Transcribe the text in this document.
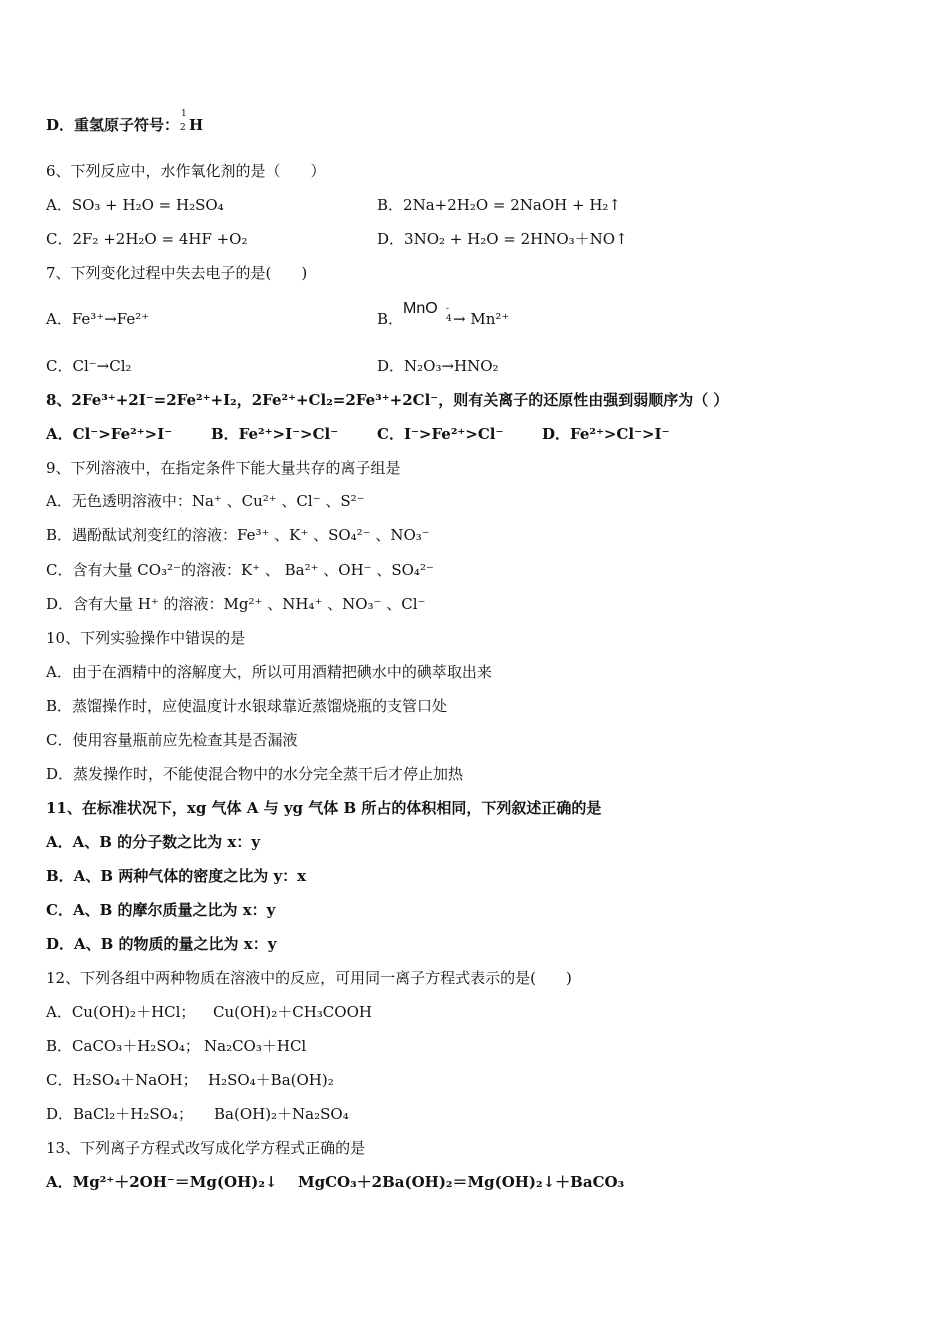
D．重氢原子符号：
1
2 H
6、下列反应中，水作氧化剂的是（　　）
A．SO₃ + H₂O = H₂SO₄	B．2Na+2H₂O = 2NaOH + H₂↑
C．2F₂ +2H₂O = 4HF +O₂	D．3NO₂ + H₂O = 2HNO₃＋NO↑
7、下列变化过程中失去电子的是(　　)
A．Fe³⁺→Fe²⁺	B．
MnO -
4 → Mn²⁺
C．Cl⁻→Cl₂	D．N₂O₃→HNO₂
8、2Fe³⁺+2I⁻=2Fe²⁺+I₂，2Fe²⁺+Cl₂=2Fe³⁺+2Cl⁻，则有关离子的还原性由强到弱顺序为（ ）
A．Cl⁻>Fe²⁺>I⁻	B．Fe²⁺>I⁻>Cl⁻	C．I⁻>Fe²⁺>Cl⁻	D．Fe²⁺>Cl⁻>I⁻
9、下列溶液中，在指定条件下能大量共存的离子组是
A．无色透明溶液中：Na⁺ 、Cu²⁺ 、Cl⁻ 、S²⁻
B．遇酚酞试剂变红的溶液：Fe³⁺ 、K⁺ 、SO₄²⁻ 、NO₃⁻
C．含有大量 CO₃²⁻的溶液：K⁺ 、 Ba²⁺ 、OH⁻ 、SO₄²⁻
D．含有大量 H⁺ 的溶液：Mg²⁺ 、NH₄⁺ 、NO₃⁻ 、Cl⁻
10、下列实验操作中错误的是
A．由于在酒精中的溶解度大，所以可用酒精把碘水中的碘萃取出来
B．蒸馏操作时，应使温度计水银球靠近蒸馏烧瓶的支管口处
C．使用容量瓶前应先检查其是否漏液
D．蒸发操作时，不能使混合物中的水分完全蒸干后才停止加热
11、在标准状况下，xg 气体 A 与 yg 气体 B 所占的体积相同，下列叙述正确的是
A．A、B 的分子数之比为 x：y
B．A、B 两种气体的密度之比为 y：x
C．A、B 的摩尔质量之比为 x：y
D．A、B 的物质的量之比为 x：y
12、下列各组中两种物质在溶液中的反应，可用同一离子方程式表示的是(　　)
A．Cu(OH)₂＋HCl； Cu(OH)₂＋CH₃COOH
B．CaCO₃＋H₂SO₄； Na₂CO₃＋HCl
C．H₂SO₄＋NaOH； H₂SO₄＋Ba(OH)₂
D．BaCl₂＋H₂SO₄； Ba(OH)₂＋Na₂SO₄
13、下列离子方程式改写成化学方程式正确的是
A．Mg²⁺＋2OH⁻＝Mg(OH)₂↓ MgCO₃＋2Ba(OH)₂＝Mg(OH)₂↓＋BaCO₃
